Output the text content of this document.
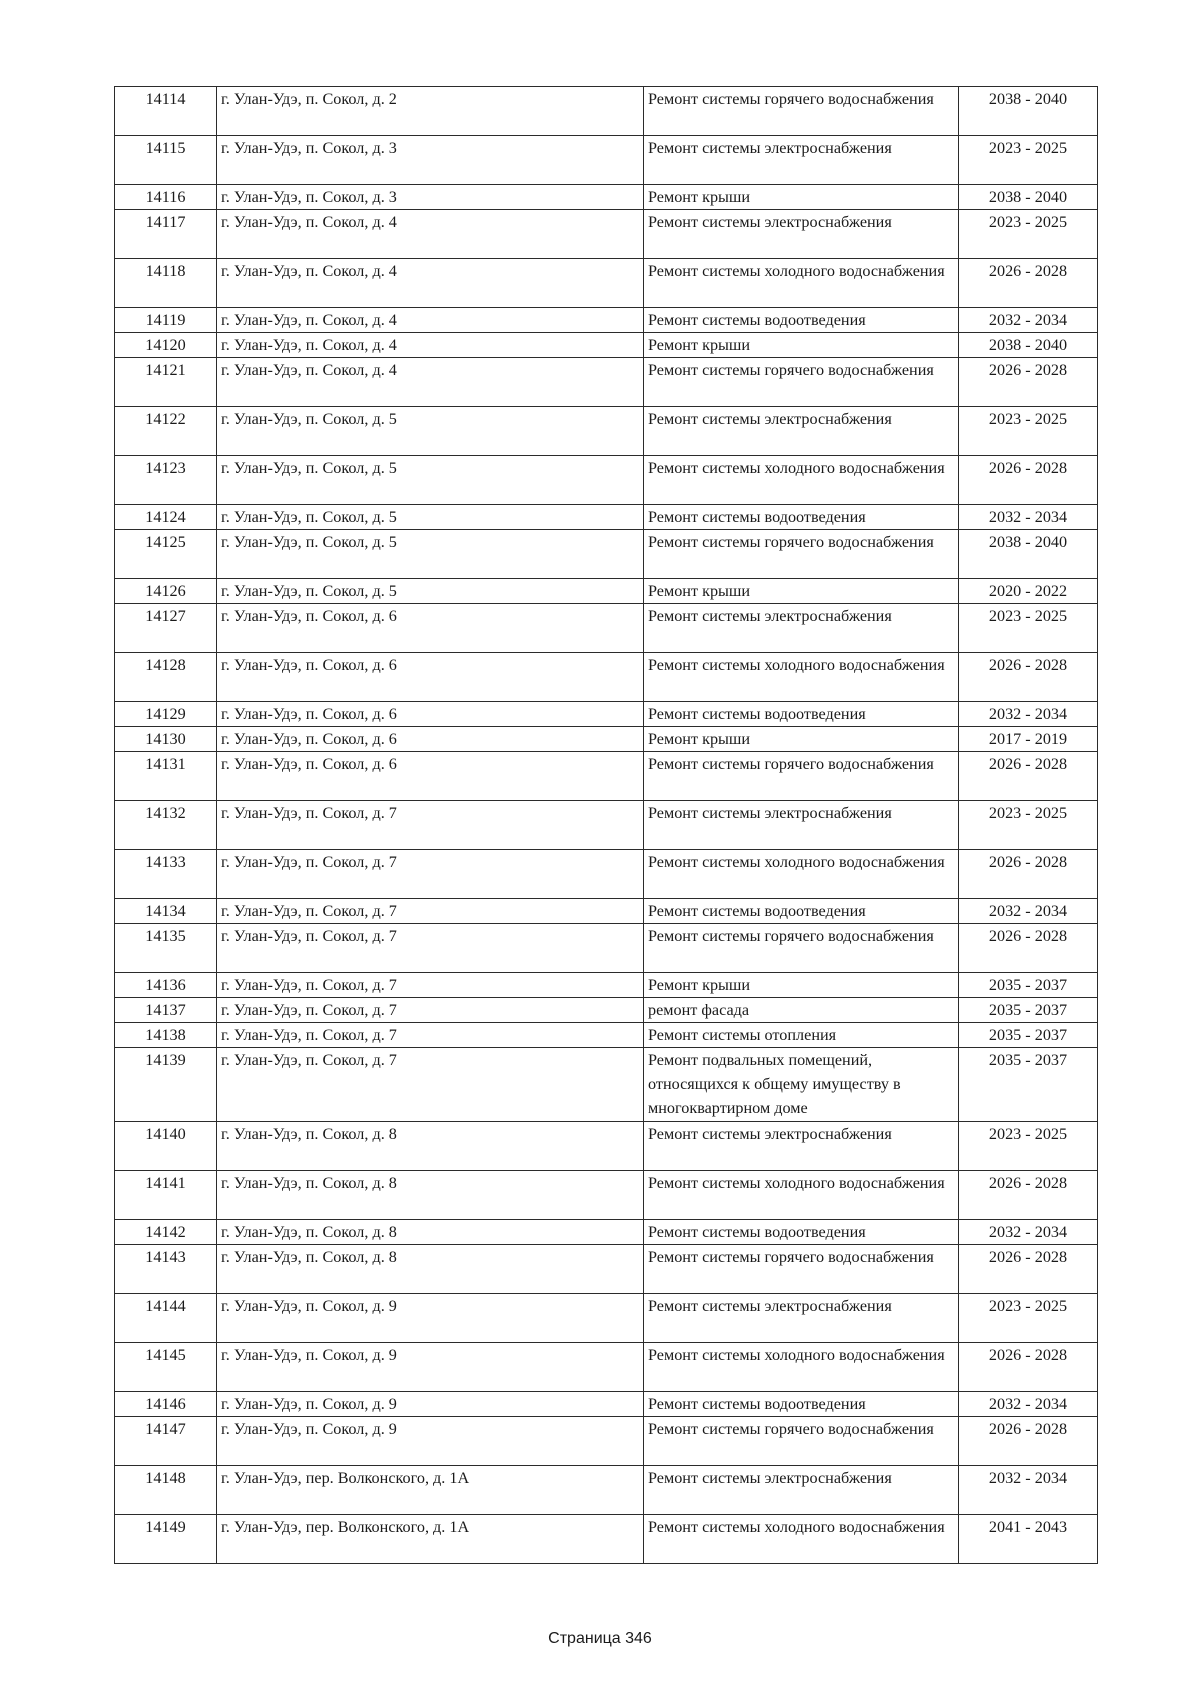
14114	г. Улан-Удэ, п. Сокол, д. 2	Ремонт системы горячего водоснабжения	2038 - 2040
14115	г. Улан-Удэ, п. Сокол, д. 3	Ремонт системы электроснабжения	2023 - 2025
14116	г. Улан-Удэ, п. Сокол, д. 3	Ремонт крыши	2038 - 2040
14117	г. Улан-Удэ, п. Сокол, д. 4	Ремонт системы электроснабжения	2023 - 2025
14118	г. Улан-Удэ, п. Сокол, д. 4	Ремонт системы холодного водоснабжения	2026 - 2028
14119	г. Улан-Удэ, п. Сокол, д. 4	Ремонт системы водоотведения	2032 - 2034
14120	г. Улан-Удэ, п. Сокол, д. 4	Ремонт крыши	2038 - 2040
14121	г. Улан-Удэ, п. Сокол, д. 4	Ремонт системы горячего водоснабжения	2026 - 2028
14122	г. Улан-Удэ, п. Сокол, д. 5	Ремонт системы электроснабжения	2023 - 2025
14123	г. Улан-Удэ, п. Сокол, д. 5	Ремонт системы холодного водоснабжения	2026 - 2028
14124	г. Улан-Удэ, п. Сокол, д. 5	Ремонт системы водоотведения	2032 - 2034
14125	г. Улан-Удэ, п. Сокол, д. 5	Ремонт системы горячего водоснабжения	2038 - 2040
14126	г. Улан-Удэ, п. Сокол, д. 5	Ремонт крыши	2020 - 2022
14127	г. Улан-Удэ, п. Сокол, д. 6	Ремонт системы электроснабжения	2023 - 2025
14128	г. Улан-Удэ, п. Сокол, д. 6	Ремонт системы холодного водоснабжения	2026 - 2028
14129	г. Улан-Удэ, п. Сокол, д. 6	Ремонт системы водоотведения	2032 - 2034
14130	г. Улан-Удэ, п. Сокол, д. 6	Ремонт крыши	2017 - 2019
14131	г. Улан-Удэ, п. Сокол, д. 6	Ремонт системы горячего водоснабжения	2026 - 2028
14132	г. Улан-Удэ, п. Сокол, д. 7	Ремонт системы электроснабжения	2023 - 2025
14133	г. Улан-Удэ, п. Сокол, д. 7	Ремонт системы холодного водоснабжения	2026 - 2028
14134	г. Улан-Удэ, п. Сокол, д. 7	Ремонт системы водоотведения	2032 - 2034
14135	г. Улан-Удэ, п. Сокол, д. 7	Ремонт системы горячего водоснабжения	2026 - 2028
14136	г. Улан-Удэ, п. Сокол, д. 7	Ремонт крыши	2035 - 2037
14137	г. Улан-Удэ, п. Сокол, д. 7	ремонт фасада	2035 - 2037
14138	г. Улан-Удэ, п. Сокол, д. 7	Ремонт системы отопления	2035 - 2037
14139	г. Улан-Удэ, п. Сокол, д. 7	Ремонт подвальных помещений, относящихся к общему имуществу в многоквартирном доме	2035 - 2037
14140	г. Улан-Удэ, п. Сокол, д. 8	Ремонт системы электроснабжения	2023 - 2025
14141	г. Улан-Удэ, п. Сокол, д. 8	Ремонт системы холодного водоснабжения	2026 - 2028
14142	г. Улан-Удэ, п. Сокол, д. 8	Ремонт системы водоотведения	2032 - 2034
14143	г. Улан-Удэ, п. Сокол, д. 8	Ремонт системы горячего водоснабжения	2026 - 2028
14144	г. Улан-Удэ, п. Сокол, д. 9	Ремонт системы электроснабжения	2023 - 2025
14145	г. Улан-Удэ, п. Сокол, д. 9	Ремонт системы холодного водоснабжения	2026 - 2028
14146	г. Улан-Удэ, п. Сокол, д. 9	Ремонт системы водоотведения	2032 - 2034
14147	г. Улан-Удэ, п. Сокол, д. 9	Ремонт системы горячего водоснабжения	2026 - 2028
14148	г. Улан-Удэ, пер. Волконского, д. 1А	Ремонт системы электроснабжения	2032 - 2034
14149	г. Улан-Удэ, пер. Волконского, д. 1А	Ремонт системы холодного водоснабжения	2041 - 2043
Страница 346
